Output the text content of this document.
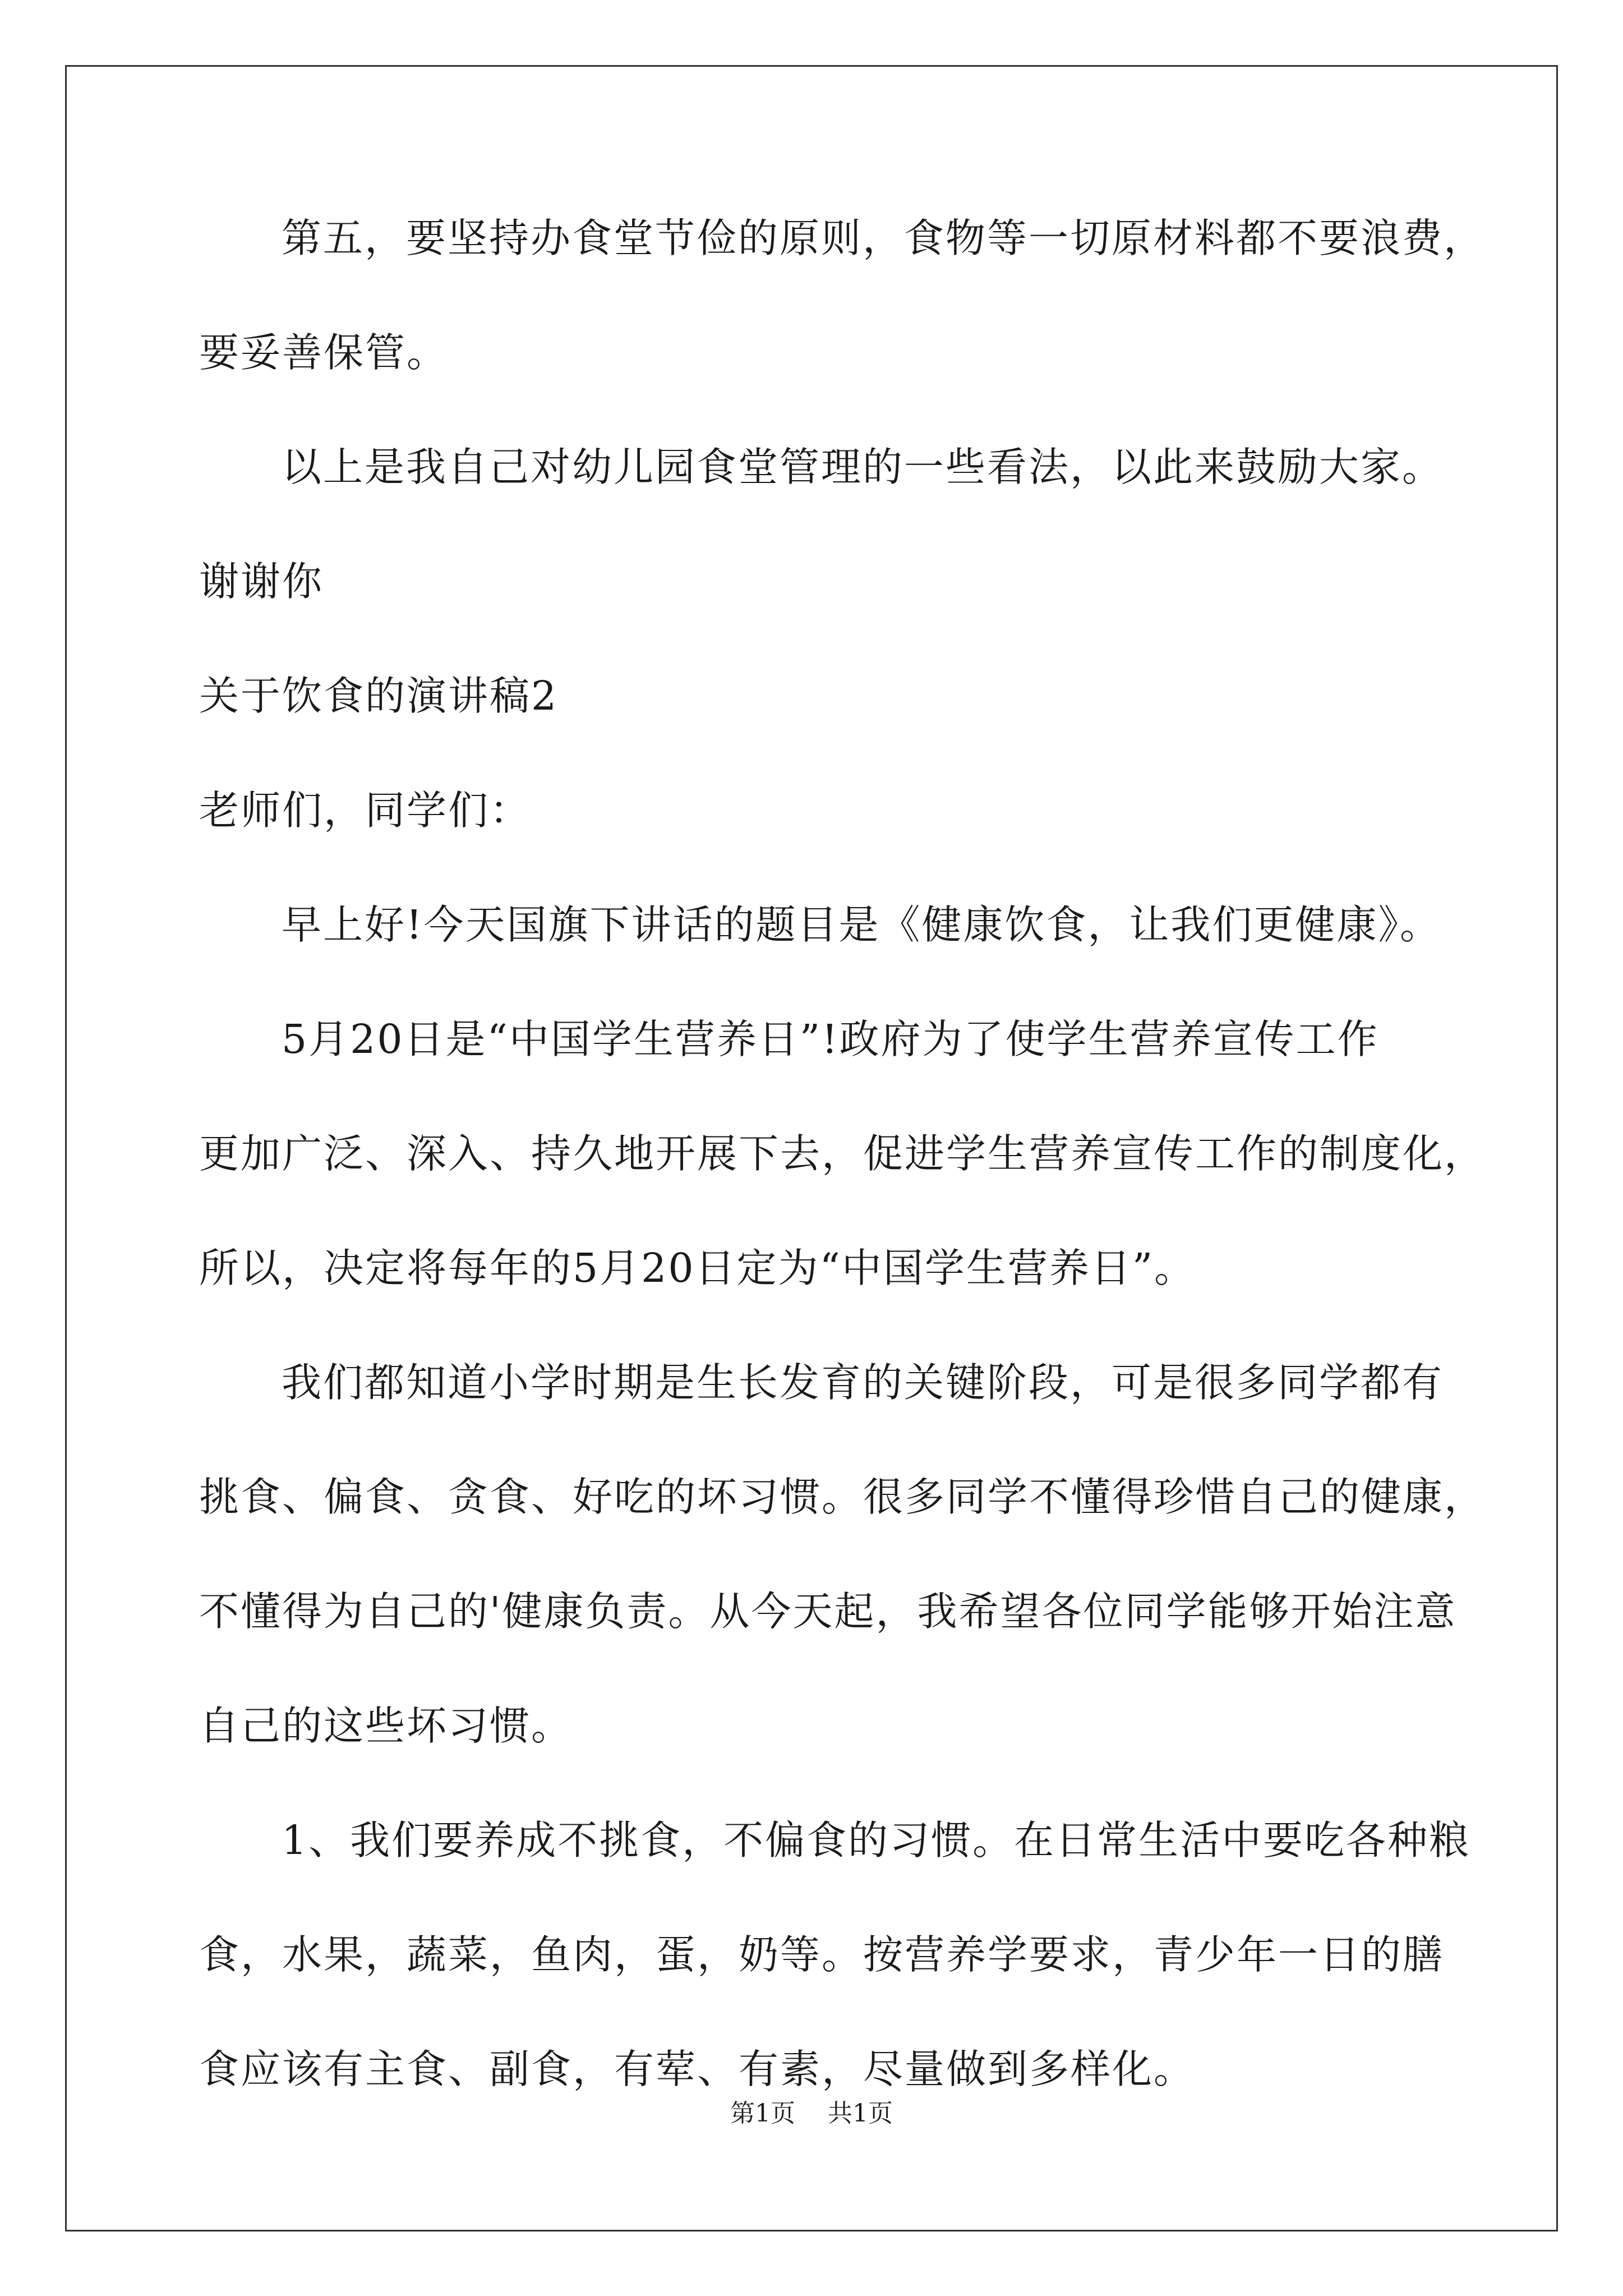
第五，要坚持办食堂节俭的原则，食物等一切原材料都不要浪费，
要妥善保管。
以上是我自己对幼儿园食堂管理的一些看法，以此来鼓励大家。
谢谢你
关于饮食的演讲稿2
老师们，同学们：
早上好!今天国旗下讲话的题目是《健康饮食，让我们更健康》。
5月20日是“中国学生营养日”!政府为了使学生营养宣传工作
更加广泛、深入、持久地开展下去，促进学生营养宣传工作的制度化，
所以，决定将每年的5月20日定为“中国学生营养日”。
我们都知道小学时期是生长发育的关键阶段，可是很多同学都有
挑食、偏食、贪食、好吃的坏习惯。很多同学不懂得珍惜自己的健康，
不懂得为自己的'健康负责。从今天起，我希望各位同学能够开始注意
自己的这些坏习惯。
1、我们要养成不挑食，不偏食的习惯。在日常生活中要吃各种粮
食，水果，蔬菜，鱼肉，蛋，奶等。按营养学要求，青少年一日的膳
食应该有主食、副食，有荤、有素，尽量做到多样化。
第1页 共1页
